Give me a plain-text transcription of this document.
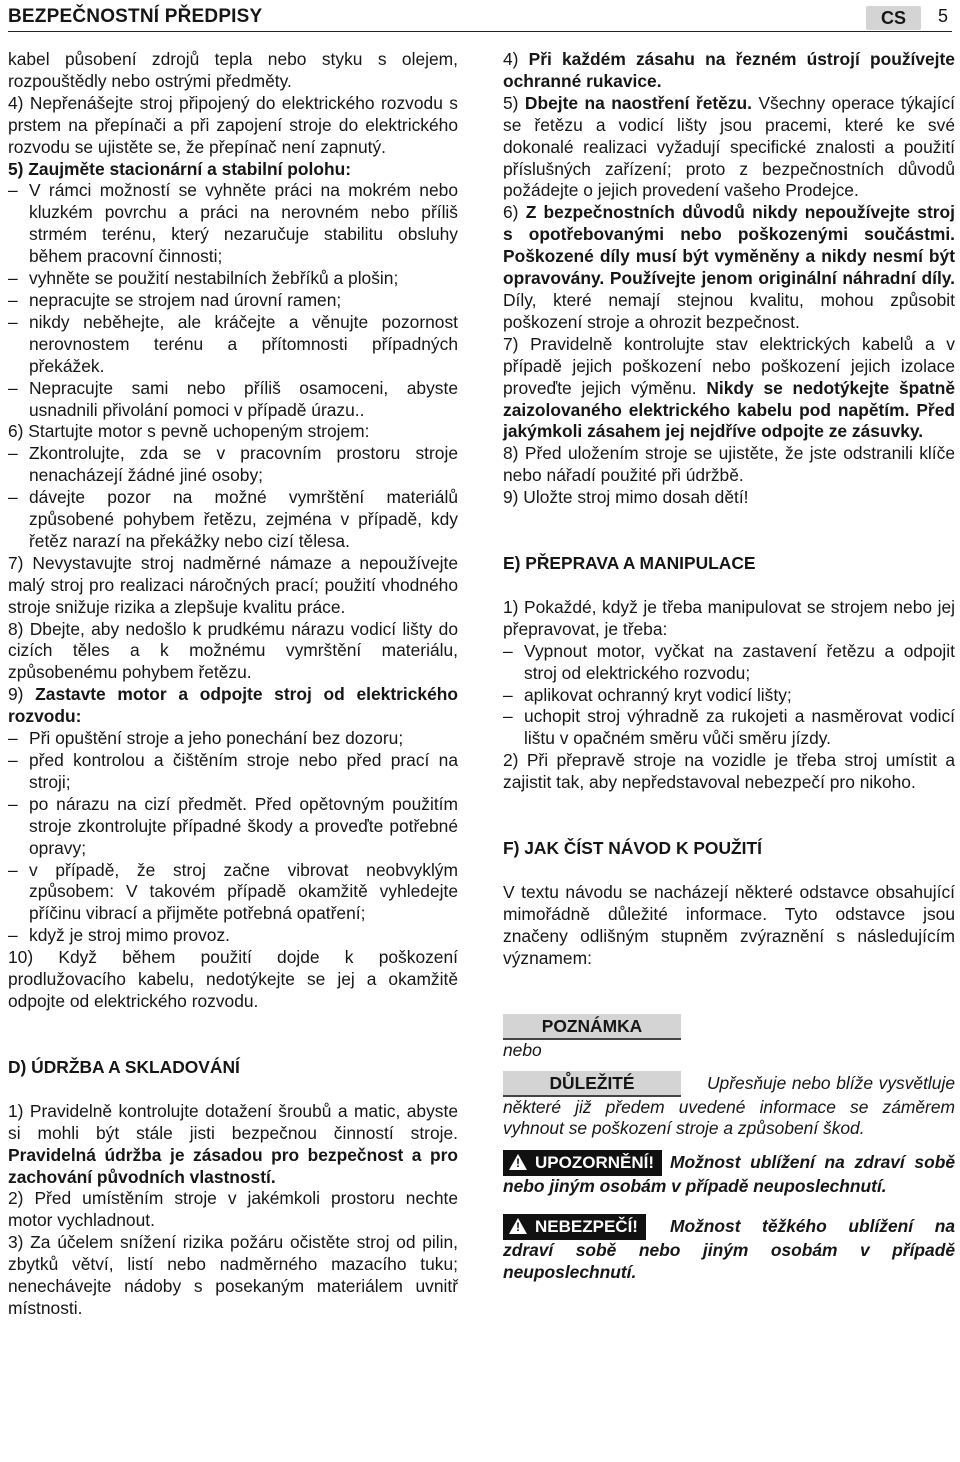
BEZPEČNOSTNÍ PŘEDPISY	CS	5

kabel působení zdrojů tepla nebo styku s olejem, rozpouštědly nebo ostrými předměty.

4) Nepřenášejte stroj připojený do elektrického rozvodu s prstem na přepínači a při zapojení stroje do elektrického rozvodu se ujistěte se, že přepínač není zapnutý.

5) Zaujměte stacionární a stabilní polohu:

– V rámci možností se vyhněte práci na mokrém nebo kluzkém povrchu a práci na nerovném nebo příliš strmém terénu, který nezaručuje stabilitu obsluhy během pracovní činnosti;

– vyhněte se použití nestabilních žebříků a plošin;

– nepracujte se strojem nad úrovní ramen;

– nikdy neběhejte, ale kráčejte a věnujte pozornost nerovnostem terénu a přítomnosti případných překážek.

– Nepracujte sami nebo příliš osamoceni, abyste usnadnili přivolání pomoci v případě úrazu..

6) Startujte motor s pevně uchopeným strojem:

– Zkontrolujte, zda se v pracovním prostoru stroje nenacházejí žádné jiné osoby;

– dávejte pozor na možné vymrštění materiálů způsobené pohybem řetězu, zejména v případě, kdy řetěz narazí na překážky nebo cizí tělesa.

7) Nevystavujte stroj nadměrné námaze a nepoužívejte malý stroj pro realizaci náročných prací; použití vhodného stroje snižuje rizika a zlepšuje kvalitu práce.

8) Dbejte, aby nedošlo k prudkému nárazu vodicí lišty do cizích těles a k možnému vymrštění materiálu, způsobenému pohybem řetězu.

9) Zastavte motor a odpojte stroj od elektrického rozvodu:

– Při opuštění stroje a jeho ponechání bez dozoru;

– před kontrolou a čištěním stroje nebo před prací na stroji;

– po nárazu na cizí předmět. Před opětovným použitím stroje zkontrolujte případné škody a proveďte potřebné opravy;

– v případě, že stroj začne vibrovat neobvyklým způsobem: V takovém případě okamžitě vyhledejte příčinu vibrací a přijměte potřebná opatření;

– když je stroj mimo provoz.

10) Když během použití dojde k poškození prodlužovacího kabelu, nedotýkejte se jej a okamžitě odpojte od elektrického rozvodu.

D) ÚDRŽBA A SKLADOVÁNÍ

1) Pravidelně kontrolujte dotažení šroubů a matic, abyste si mohli být stále jisti bezpečnou činností stroje. Pravidelná údržba je zásadou pro bezpečnost a pro zachování původních vlastností.

2) Před umístěním stroje v jakémkoli prostoru nechte motor vychladnout.

3) Za účelem snížení rizika požáru očistěte stroj od pilin, zbytků větví, listí nebo nadměrného mazacího tuku; nenechávejte nádoby s posekaným materiálem uvnitř místnosti.

4) Při každém zásahu na řezném ústrojí používejte ochranné rukavice.

5) Dbejte na naostření řetězu. Všechny operace týkající se řetězu a vodicí lišty jsou pracemi, které ke své dokonalé realizaci vyžadují specifické znalosti a použití příslušných zařízení; proto z bezpečnostních důvodů požádejte o jejich provedení vašeho Prodejce.

6) Z bezpečnostních důvodů nikdy nepoužívejte stroj s opotřebovanými nebo poškozenými součástmi. Poškozené díly musí být vyměněny a nikdy nesmí být opravovány. Používejte jenom originální náhradní díly. Díly, které nemají stejnou kvalitu, mohou způsobit poškození stroje a ohrozit bezpečnost.

7) Pravidelně kontrolujte stav elektrických kabelů a v případě jejich poškození nebo poškození jejich izolace proveďte jejich výměnu. Nikdy se nedotýkejte špatně zaizolovaného elektrického kabelu pod napětím. Před jakýmkoli zásahem jej nejdříve odpojte ze zásuvky.

8) Před uložením stroje se ujistěte, že jste odstranili klíče nebo nářadí použité při údržbě.

9) Uložte stroj mimo dosah dětí!

E) PŘEPRAVA A MANIPULACE

1) Pokaždé, když je třeba manipulovat se strojem nebo jej přepravovat, je třeba:

– Vypnout motor, vyčkat na zastavení řetězu a odpojit stroj od elektrického rozvodu;

– aplikovat ochranný kryt vodicí lišty;

– uchopit stroj výhradně za rukojeti a nasměrovat vodicí lištu v opačném směru vůči směru jízdy.

2) Při přepravě stroje na vozidle je třeba stroj umístit a zajistit tak, aby nepředstavoval nebezpečí pro nikoho.

F) JAK ČÍST NÁVOD K POUŽITÍ

V textu návodu se nacházejí některé odstavce obsahující mimořádně důležité informace. Tyto odstavce jsou značeny odlišným stupněm zvýraznění s následujícím významem:

POZNÁMKA

nebo

DŮLEŽITÉ	Upřesňuje nebo blíže vysvětluje některé již předem uvedené informace se záměrem vyhnout se poškození stroje a způsobení škod.

!UPOZORNĚNÍ! Možnost ublížení na zdraví sobě nebo jiným osobám v případě neuposlechnutí.

!NEBEZPEČÍ! Možnost těžkého ublížení na zdraví sobě nebo jiným osobám v případě neuposlechnutí.
